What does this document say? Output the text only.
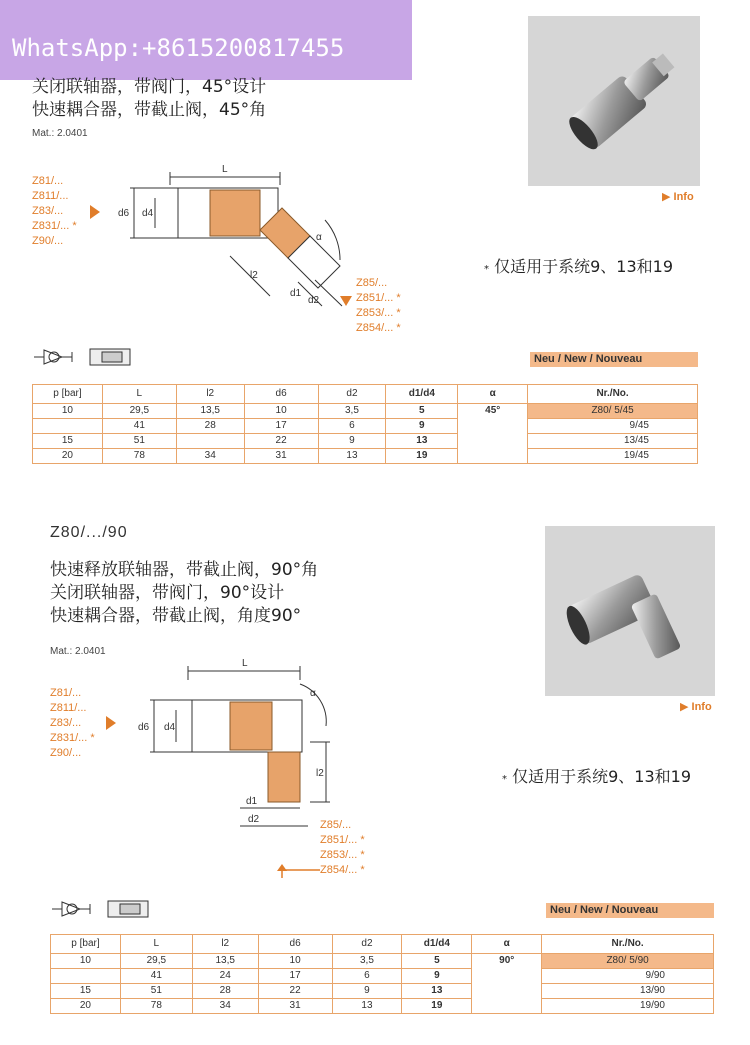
WhatsApp:+8615200817455
关闭联轴器，带阀门，45°设计
快速耦合器，带截止阀，45°角
Mat.: 2.0401
▶ Info
Z81/...
Z811/...
Z83/...
Z831/... *
Z90/...
L
d6 d4
l2
d1
d2
α
Z85/...
Z851/... *
Z853/... *
Z854/... *
* 仅适用于系统9、13和19
Neu / New / Nouveau
p [bar]	L	l2	d6	d2	d1/d4	α	Nr./No.
10	29,5	13,5	10	3,5	5	45°	Z80/ 5/45
	41	28	17	6	9		9/45
15	51		22	9	13		13/45
20	78	34	31	13	19		19/45
Z80/.../90
快速释放联轴器，带截止阀，90°角
关闭联轴器，带阀门，90°设计
快速耦合器，带截止阀，角度90°
Mat.: 2.0401
▶ Info
Z81/...
Z811/...
Z83/...
Z831/... *
Z90/...
L
d6 d4
l2
d1
d2
α
Z85/...
Z851/... *
Z853/... *
Z854/... *
* 仅适用于系统9、13和19
Neu / New / Nouveau
p [bar]	L	l2	d6	d2	d1/d4	α	Nr./No.
10	29,5	13,5	10	3,5	5	90°	Z80/ 5/90
	41	24	17	6	9		9/90
15	51	28	22	9	13		13/90
20	78	34	31	13	19		19/90
